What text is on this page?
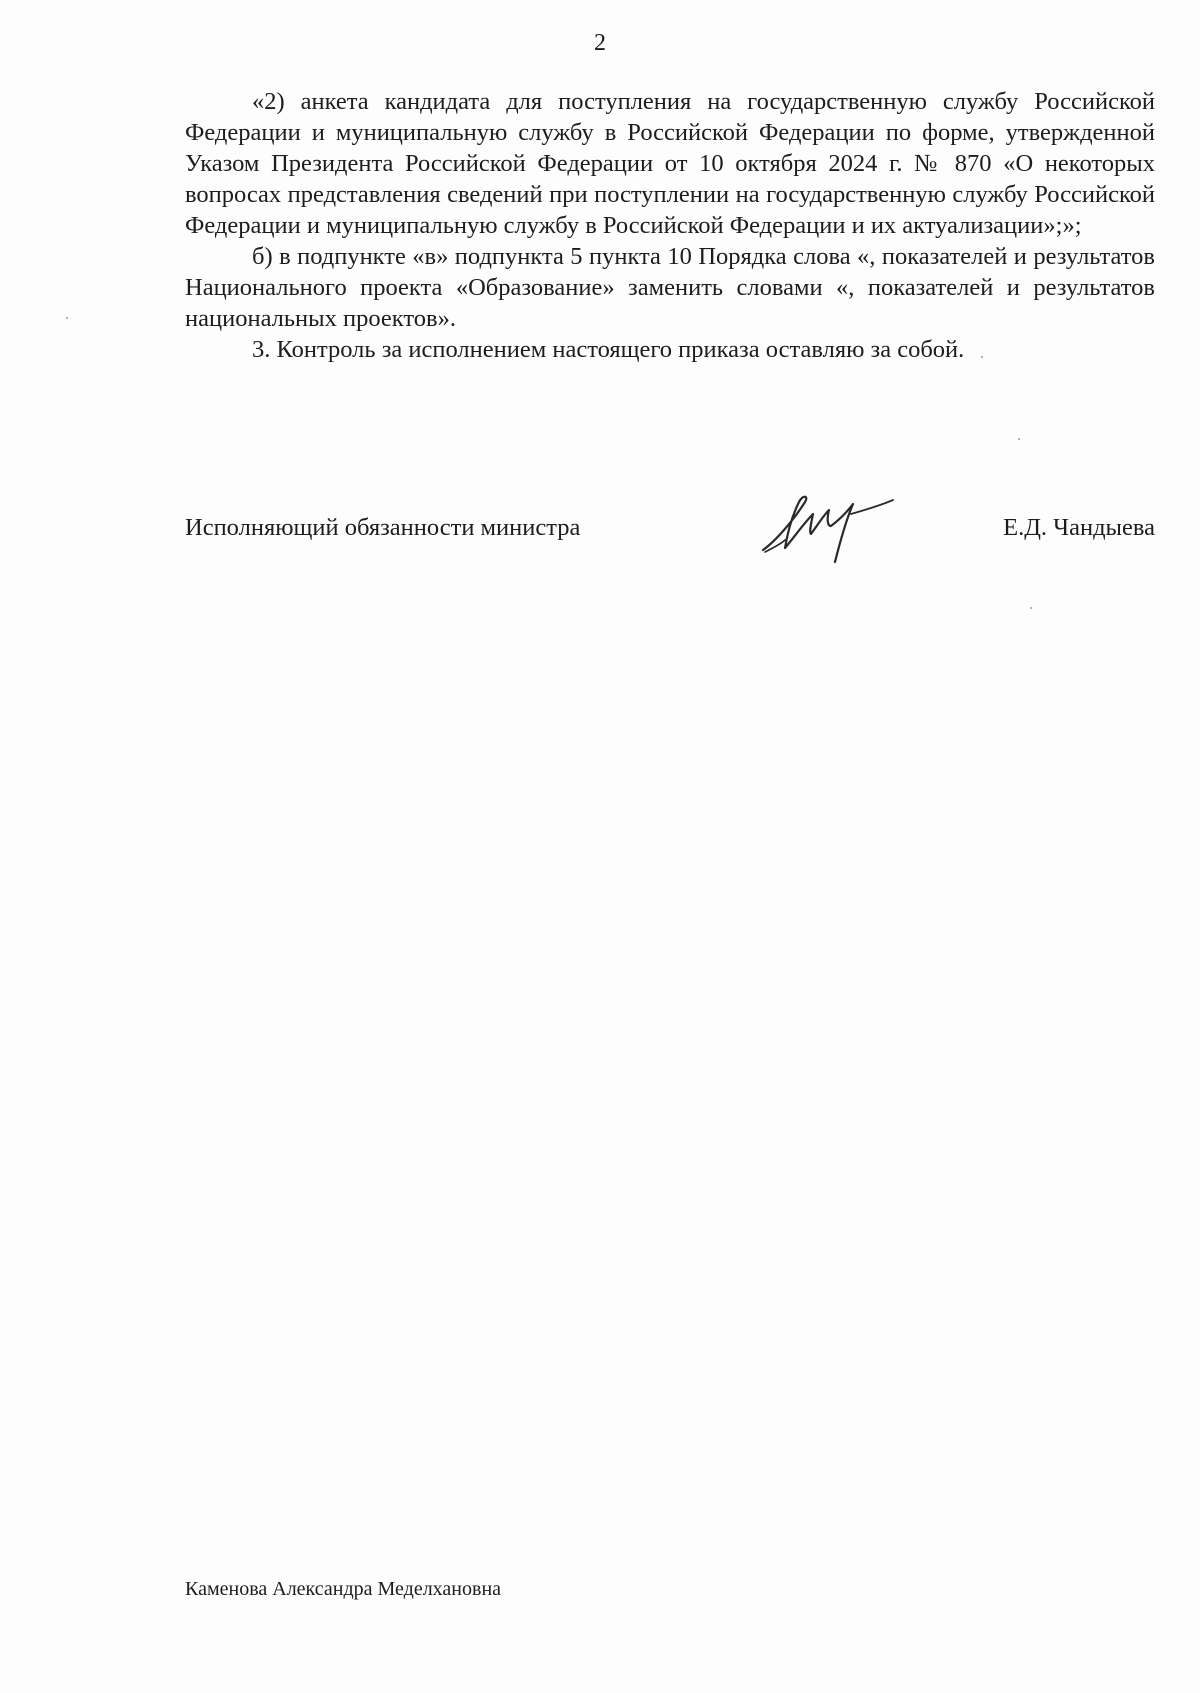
2

«2) анкета кандидата для поступления на государственную службу Российской Федерации и муниципальную службу в Российской Федерации по форме, утвержденной Указом Президента Российской Федерации от 10 октября 2024 г. № 870 «О некоторых вопросах представления сведений при поступлении на государственную службу Российской Федерации и муниципальную службу в Российской Федерации и их актуализации»;»;

б) в подпункте «в» подпункта 5 пункта 10 Порядка слова «, показателей и результатов Национального проекта «Образование» заменить словами «, показателей и результатов национальных проектов».

3. Контроль за исполнением настоящего приказа оставляю за собой.

Исполняющий обязанности министра	Е.Д. Чандыева
Каменова Александра Меделхановна
